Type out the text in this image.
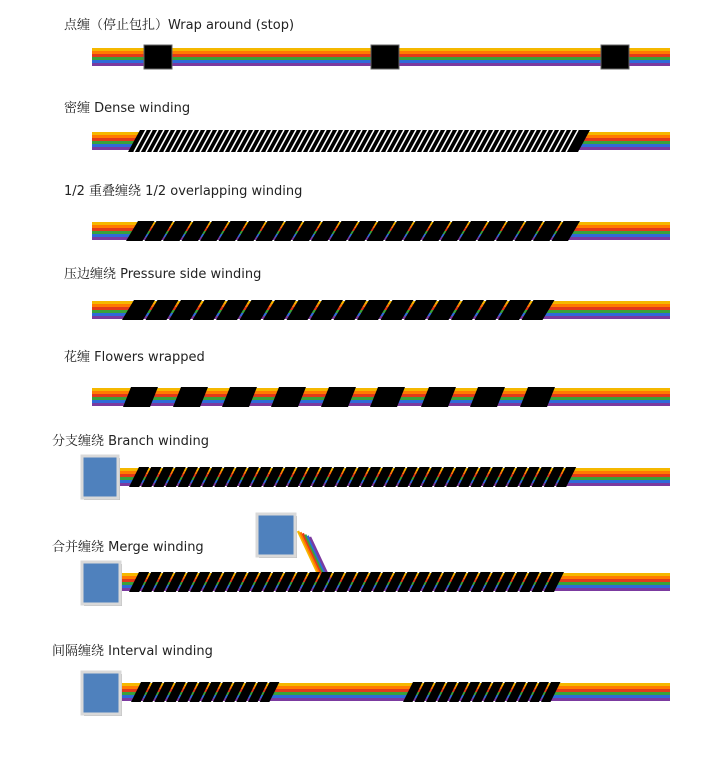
点缠（停止包扎）Wrap around (stop)
密缠 Dense winding
1/2 重叠缠绕 1/2 overlapping winding
压边缠绕 Pressure side winding
花缠 Flowers wrapped
分支缠绕 Branch winding
合并缠绕 Merge winding
间隔缠绕 Interval winding
